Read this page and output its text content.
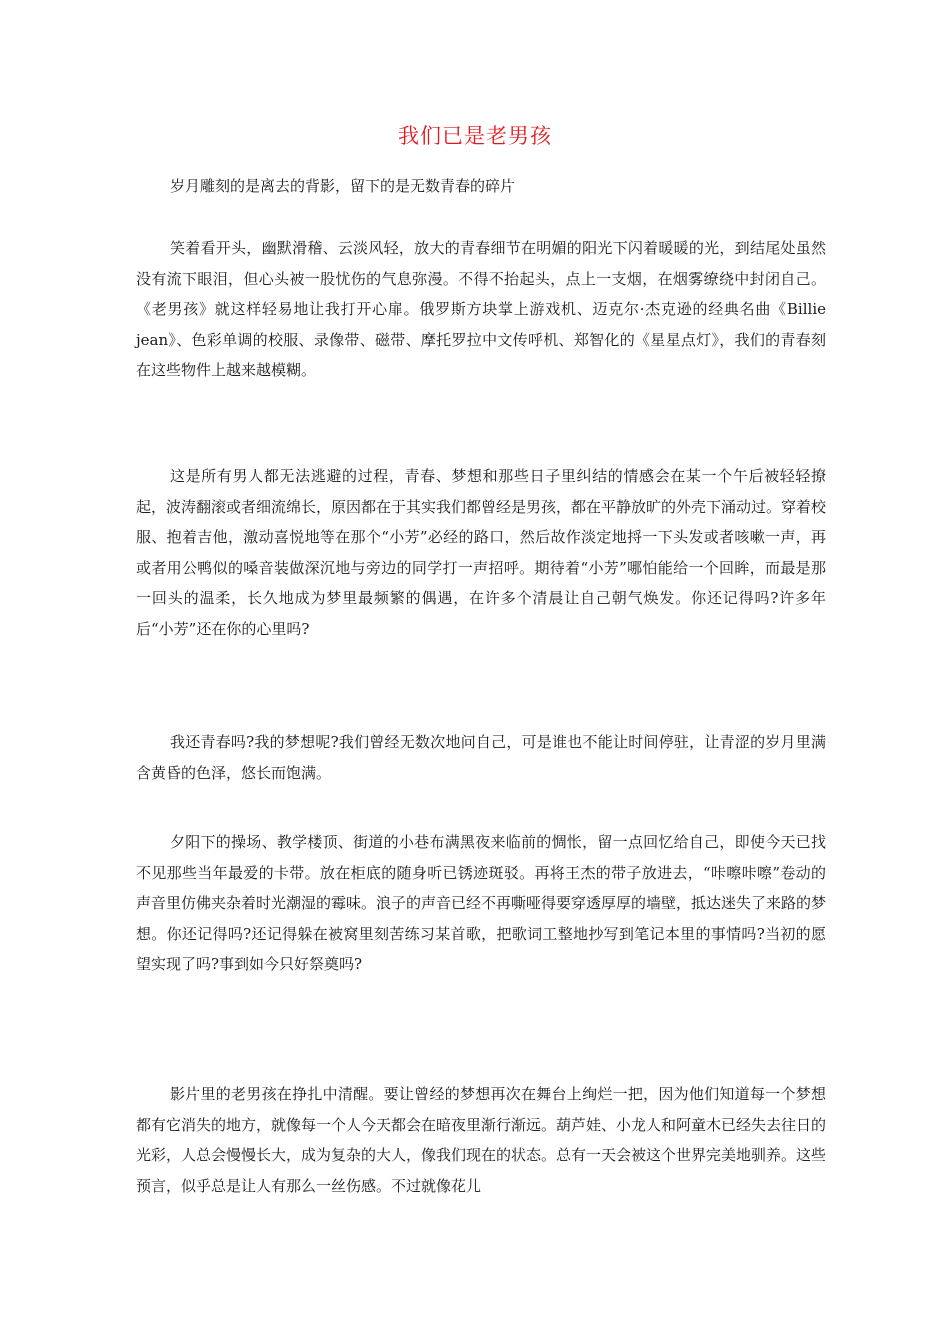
我们已是老男孩
岁月雕刻的是离去的背影，留下的是无数青春的碎片

笑着看开头，幽默滑稽、云淡风轻，放大的青春细节在明媚的阳光下闪着暖暖的光，到结尾处虽然没有流下眼泪，但心头被一股忧伤的气息弥漫。不得不抬起头，点上一支烟，在烟雾缭绕中封闭自己。《老男孩》就这样轻易地让我打开心扉。俄罗斯方块掌上游戏机、迈克尔·杰克逊的经典名曲《Billie jean》、色彩单调的校服、录像带、磁带、摩托罗拉中文传呼机、郑智化的《星星点灯》，我们的青春刻在这些物件上越来越模糊。

这是所有男人都无法逃避的过程，青春、梦想和那些日子里纠结的情感会在某一个午后被轻轻撩起，波涛翻滚或者细流绵长，原因都在于其实我们都曾经是男孩，都在平静放旷的外壳下涌动过。穿着校服、抱着吉他，激动喜悦地等在那个“小芳”必经的路口，然后故作淡定地捋一下头发或者咳嗽一声，再或者用公鸭似的嗓音装做深沉地与旁边的同学打一声招呼。期待着“小芳”哪怕能给一个回眸，而最是那一回头的温柔，长久地成为梦里最频繁的偶遇，在许多个清晨让自己朝气焕发。你还记得吗?许多年后“小芳”还在你的心里吗?

我还青春吗?我的梦想呢?我们曾经无数次地问自己，可是谁也不能让时间停驻，让青涩的岁月里满含黄昏的色泽，悠长而饱满。

夕阳下的操场、教学楼顶、街道的小巷布满黑夜来临前的惆怅，留一点回忆给自己，即使今天已找不见那些当年最爱的卡带。放在柜底的随身听已锈迹斑驳。再将王杰的带子放进去，“咔嚓咔嚓”卷动的声音里仿佛夹杂着时光潮湿的霉味。浪子的声音已经不再嘶哑得要穿透厚厚的墙壁，抵达迷失了来路的梦想。你还记得吗?还记得躲在被窝里刻苦练习某首歌，把歌词工整地抄写到笔记本里的事情吗?当初的愿望实现了吗?事到如今只好祭奠吗?

影片里的老男孩在挣扎中清醒。要让曾经的梦想再次在舞台上绚烂一把，因为他们知道每一个梦想都有它消失的地方，就像每一个人今天都会在暗夜里渐行渐远。葫芦娃、小龙人和阿童木已经失去往日的光彩，人总会慢慢长大，成为复杂的大人，像我们现在的状态。总有一天会被这个世界完美地驯养。这些预言，似乎总是让人有那么一丝伤感。不过就像花儿
